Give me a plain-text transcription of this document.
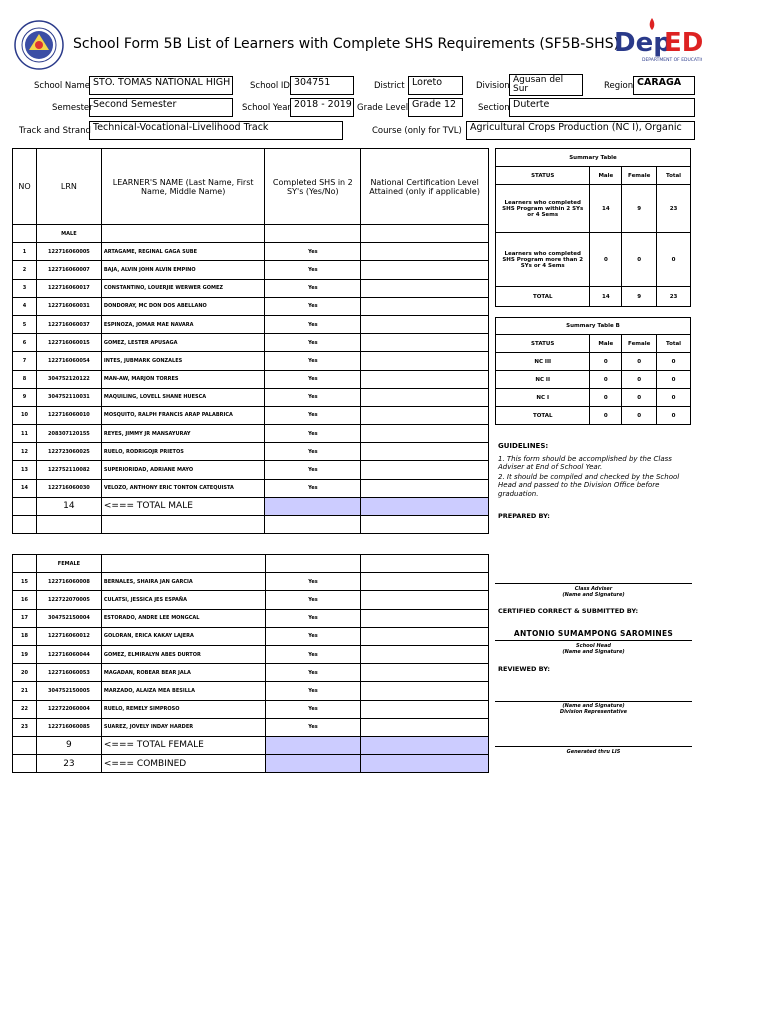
School Form 5B List of Learners with Complete SHS Requirements (SF5B-SHS)
Dep
ED
DEPARTMENT OF EDUCATION
School Name STO. TOMAS NATIONAL HIGH	School ID 304751	District Loreto	Division
Agusan del Sur	Region CARAGA
Semester Second Semester	School Year 2018 - 2019 Grade Level Grade 12	Section Duterte
Track and Strand Technical-Vocational-Livelihood Track	Course (only for TVL) Agricultural Crops Production (NC I), Organic
NO	LRN	LEARNER'S NAME (Last Name, First Name, Middle Name)	Completed SHS in 2 SY's (Yes/No)	National Certification Level Attained (only if applicable)
	MALE			
1	122716060005	ARTAGAME, REGINAL GAGA SUBE	Yes	
2	122716060007	BAJA, ALVIN JOHN ALVIN EMPINO	Yes	
3	122716060017	CONSTANTINO, LOUERJIE WERWER GOMEZ	Yes	
4	122716060031	DONDORAY, MC DON DOS ABELLANO	Yes	
5	122716060037	ESPINOZA, JOMAR MAE NAVARA	Yes	
6	122716060015	GOMEZ, LESTER APUSAGA	Yes	
7	122716060054	INTES, JUBMARK GONZALES	Yes	
8	304752120122	MAN-AW, MARJON TORRES	Yes	
9	304752110031	MAQUILING, LOVELL SHANE HUESCA	Yes	
10	122716060010	MOSQUITO, RALPH FRANCIS ARAP PALABRICA	Yes	
11	208307120155	REYES, JIMMY JR MANSAYURAY	Yes	
12	122723060025	RUELO, RODRIGOJR PRIETOS	Yes	
13	122752110082	SUPERIORIDAD, ADRIANE MAYO	Yes	
14	122716060030	VELOZO, ANTHONY ERIC TONTON CATEQUISTA	Yes	
	14	<=== TOTAL MALE		

	FEMALE			
15	122716060008	BERNALES, SHAIRA JAN GARCIA	Yes	
16	122722070005	CULATSI, JESSICA JES ESPAÑA	Yes	
17	304752150004	ESTORADO, ANDRE LEE MONGCAL	Yes	
18	122716060012	GOLORAN, ERICA KAKAY LAJERA	Yes	
19	122716060044	GOMEZ, ELMIRALYN ABES DURTOR	Yes	
20	122716060053	MAGADAN, ROBEAR BEAR JALA	Yes	
21	304752150005	MARZADO, ALAIZA MEA BESILLA	Yes	
22	122722060004	RUELO, REMELY SIMPROSO	Yes	
23	122716060085	SUAREZ, JOVELY INDAY HARDER	Yes	
	9	<=== TOTAL FEMALE		
	23	<=== COMBINED		
Summary Table			
STATUS	Male	Female	Total
Learners who completed SHS Program within 2 SYs or 4 Sems	14	9	23
Learners who completed SHS Program more than 2 SYs or 4 Sems	0	0	0
TOTAL	14	9	23
Summary Table B			
STATUS	Male	Female	Total
NC III	0	0	0
NC II	0	0	0
NC I	0	0	0
TOTAL	0	0	0
GUIDELINES:
1. This form should be accomplished by the Class Adviser at End of School Year.
2. It should be compiled and checked by the School Head and passed to the Division Office before graduation.
PREPARED BY:
Class Adviser
(Name and Signature)
CERTIFIED CORRECT & SUBMITTED BY:
ANTONIO SUMAMPONG SAROMINES
School Head
(Name and Signature)
REVIEWED BY:
(Name and Signature)
Division Representative
Generated thru LIS
